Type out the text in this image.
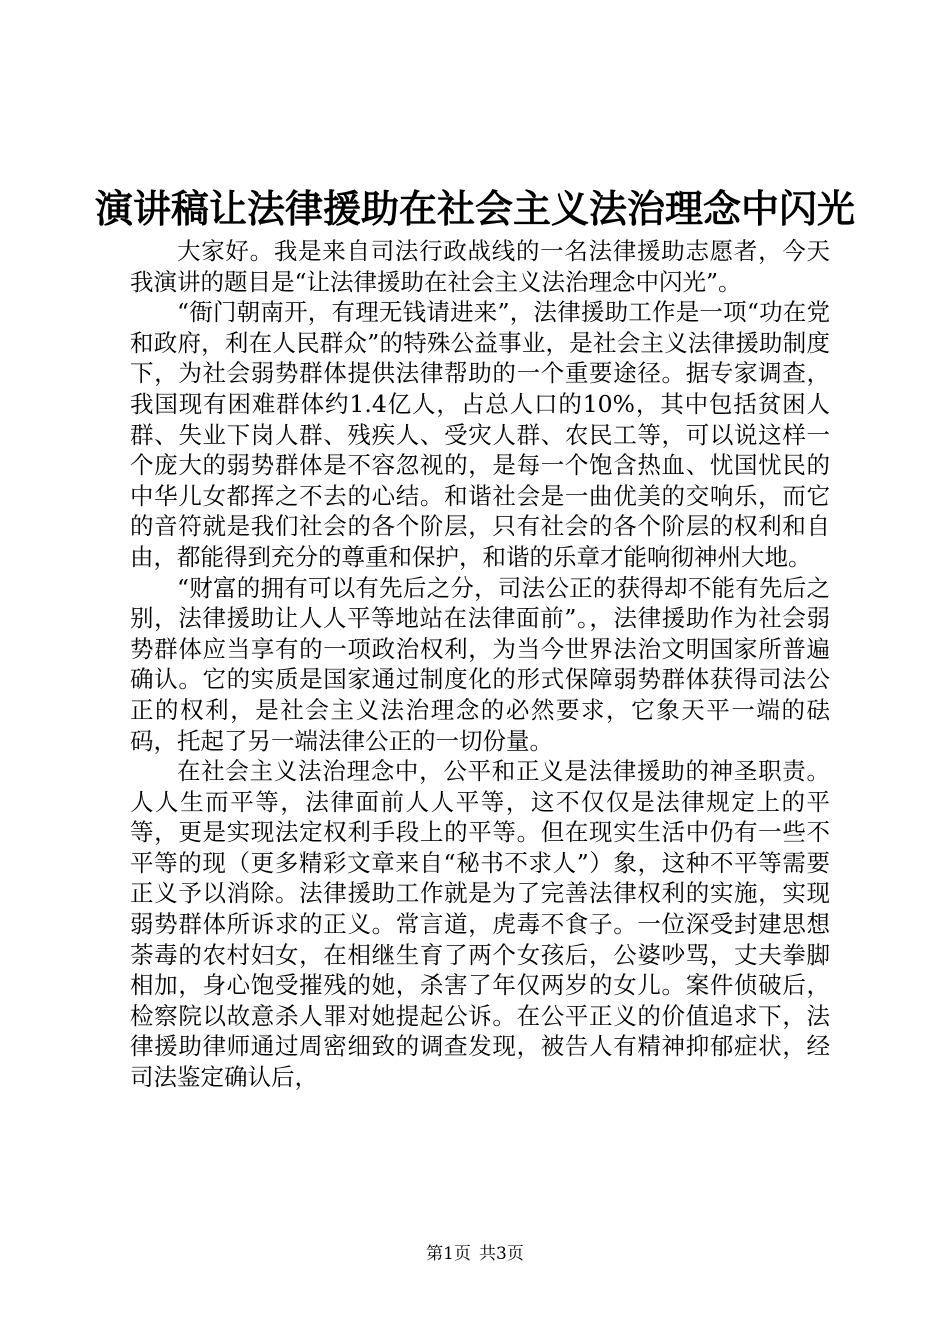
演讲稿让法律援助在社会主义法治理念中闪光

大家好。我是来自司法行政战线的一名法律援助志愿者，今天我演讲的题目是“让法律援助在社会主义法治理念中闪光”。

“衙门朝南开，有理无钱请进来”，法律援助工作是一项“功在党和政府，利在人民群众”的特殊公益事业，是社会主义法律援助制度下，为社会弱势群体提供法律帮助的一个重要途径。据专家调查，我国现有困难群体约1.4亿人，占总人口的10%，其中包括贫困人群、失业下岗人群、残疾人、受灾人群、农民工等，可以说这样一个庞大的弱势群体是不容忽视的，是每一个饱含热血、忧国忧民的中华儿女都挥之不去的心结。和谐社会是一曲优美的交响乐，而它的音符就是我们社会的各个阶层，只有社会的各个阶层的权利和自由，都能得到充分的尊重和保护，和谐的乐章才能响彻神州大地。

“财富的拥有可以有先后之分，司法公正的获得却不能有先后之别，法律援助让人人平等地站在法律面前”。，法律援助作为社会弱势群体应当享有的一项政治权利，为当今世界法治文明国家所普遍确认。它的实质是国家通过制度化的形式保障弱势群体获得司法公正的权利，是社会主义法治理念的必然要求，它象天平一端的砝码，托起了另一端法律公正的一切份量。

在社会主义法治理念中，公平和正义是法律援助的神圣职责。人人生而平等，法律面前人人平等，这不仅仅是法律规定上的平等，更是实现法定权利手段上的平等。但在现实生活中仍有一些不平等的现（更多精彩文章来自“秘书不求人”）象，这种不平等需要正义予以消除。法律援助工作就是为了完善法律权利的实施，实现弱势群体所诉求的正义。常言道，虎毒不食子。一位深受封建思想荼毒的农村妇女，在相继生育了两个女孩后，公婆吵骂，丈夫拳脚相加，身心饱受摧残的她，杀害了年仅两岁的女儿。案件侦破后，检察院以故意杀人罪对她提起公诉。在公平正义的价值追求下，法律援助律师通过周密细致的调查发现，被告人有精神抑郁症状，经司法鉴定确认后，

第1页 共3页
